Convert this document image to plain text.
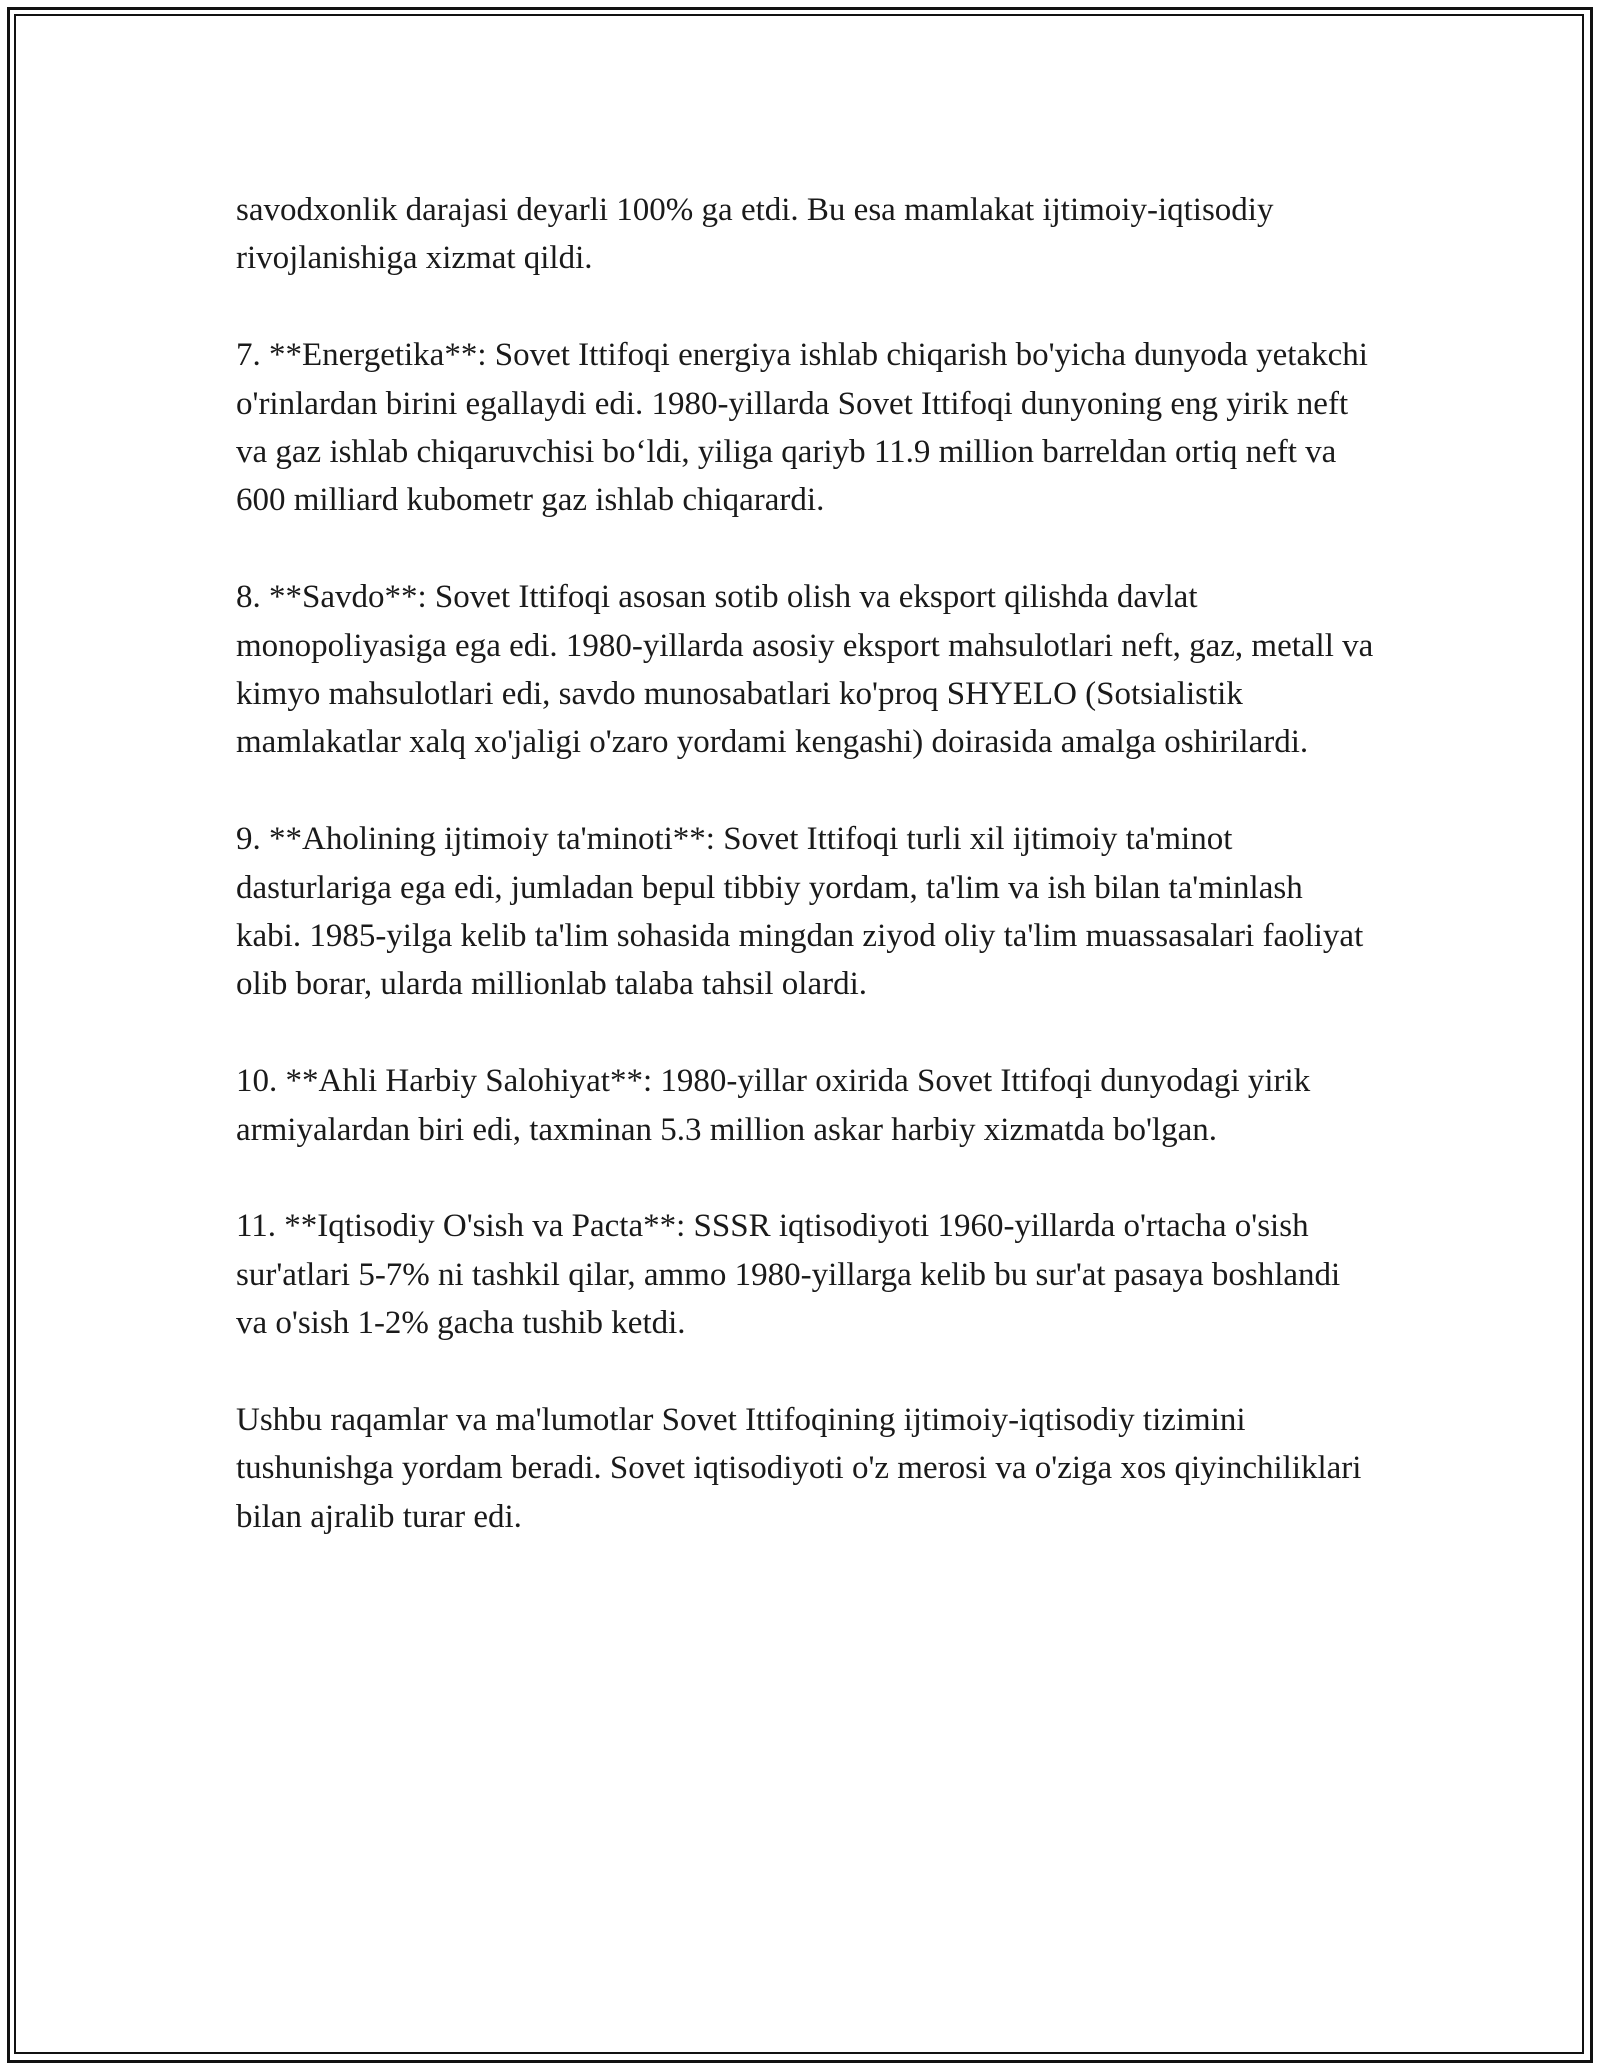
savodxonlik darajasi deyarli 100% ga etdi. Bu esa mamlakat ijtimoiy-iqtisodiy rivojlanishiga xizmat qildi.

7. **Energetika**: Sovet Ittifoqi energiya ishlab chiqarish bo'yicha dunyoda yetakchi o'rinlardan birini egallaydi edi. 1980-yillarda Sovet Ittifoqi dunyoning eng yirik neft va gaz ishlab chiqaruvchisi bo‘ldi, yiliga qariyb 11.9 million barreldan ortiq neft va 600 milliard kubometr gaz ishlab chiqarardi.

8. **Savdo**: Sovet Ittifoqi asosan sotib olish va eksport qilishda davlat monopoliyasiga ega edi. 1980-yillarda asosiy eksport mahsulotlari neft, gaz, metall va kimyo mahsulotlari edi, savdo munosabatlari ko'proq SHYELO (Sotsialistik mamlakatlar xalq xo'jaligi o'zaro yordami kengashi) doirasida amalga oshirilardi.

9. **Aholining ijtimoiy ta'minoti**: Sovet Ittifoqi turli xil ijtimoiy ta'minot dasturlariga ega edi, jumladan bepul tibbiy yordam, ta'lim va ish bilan ta'minlash kabi. 1985-yilga kelib ta'lim sohasida mingdan ziyod oliy ta'lim muassasalari faoliyat olib borar, ularda millionlab talaba tahsil olardi.

10. **Ahli Harbiy Salohiyat**: 1980-yillar oxirida Sovet Ittifoqi dunyodagi yirik armiyalardan biri edi, taxminan 5.3 million askar harbiy xizmatda bo'lgan.

11. **Iqtisodiy O'sish va Pacta**: SSSR iqtisodiyoti 1960-yillarda o'rtacha o'sish sur'atlari 5-7% ni tashkil qilar, ammo 1980-yillarga kelib bu sur'at pasaya boshlandi va o'sish 1-2% gacha tushib ketdi.

Ushbu raqamlar va ma'lumotlar Sovet Ittifoqining ijtimoiy-iqtisodiy tizimini tushunishga yordam beradi. Sovet iqtisodiyoti o'z merosi va o'ziga xos qiyinchiliklari bilan ajralib turar edi.
